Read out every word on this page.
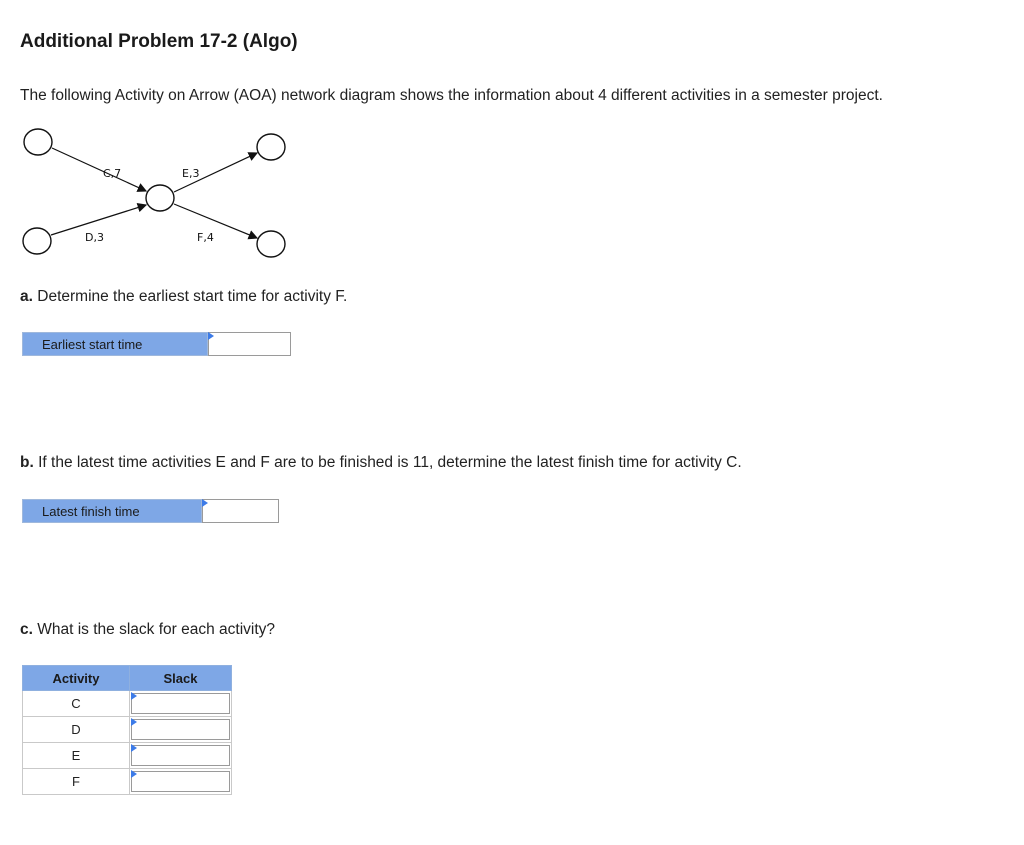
Additional Problem 17-2 (Algo)

The following Activity on Arrow (AOA) network diagram shows the information about 4 different activities in a semester project.

C,7	E,3
D,3	F,4

a. Determine the earliest start time for activity F.

Earliest start time

b. If the latest time activities E and F are to be finished is 11, determine the latest finish time for activity C.

Latest finish time

c. What is the slack for each activity?

Activity	Slack
C	

D	

E	

F	
